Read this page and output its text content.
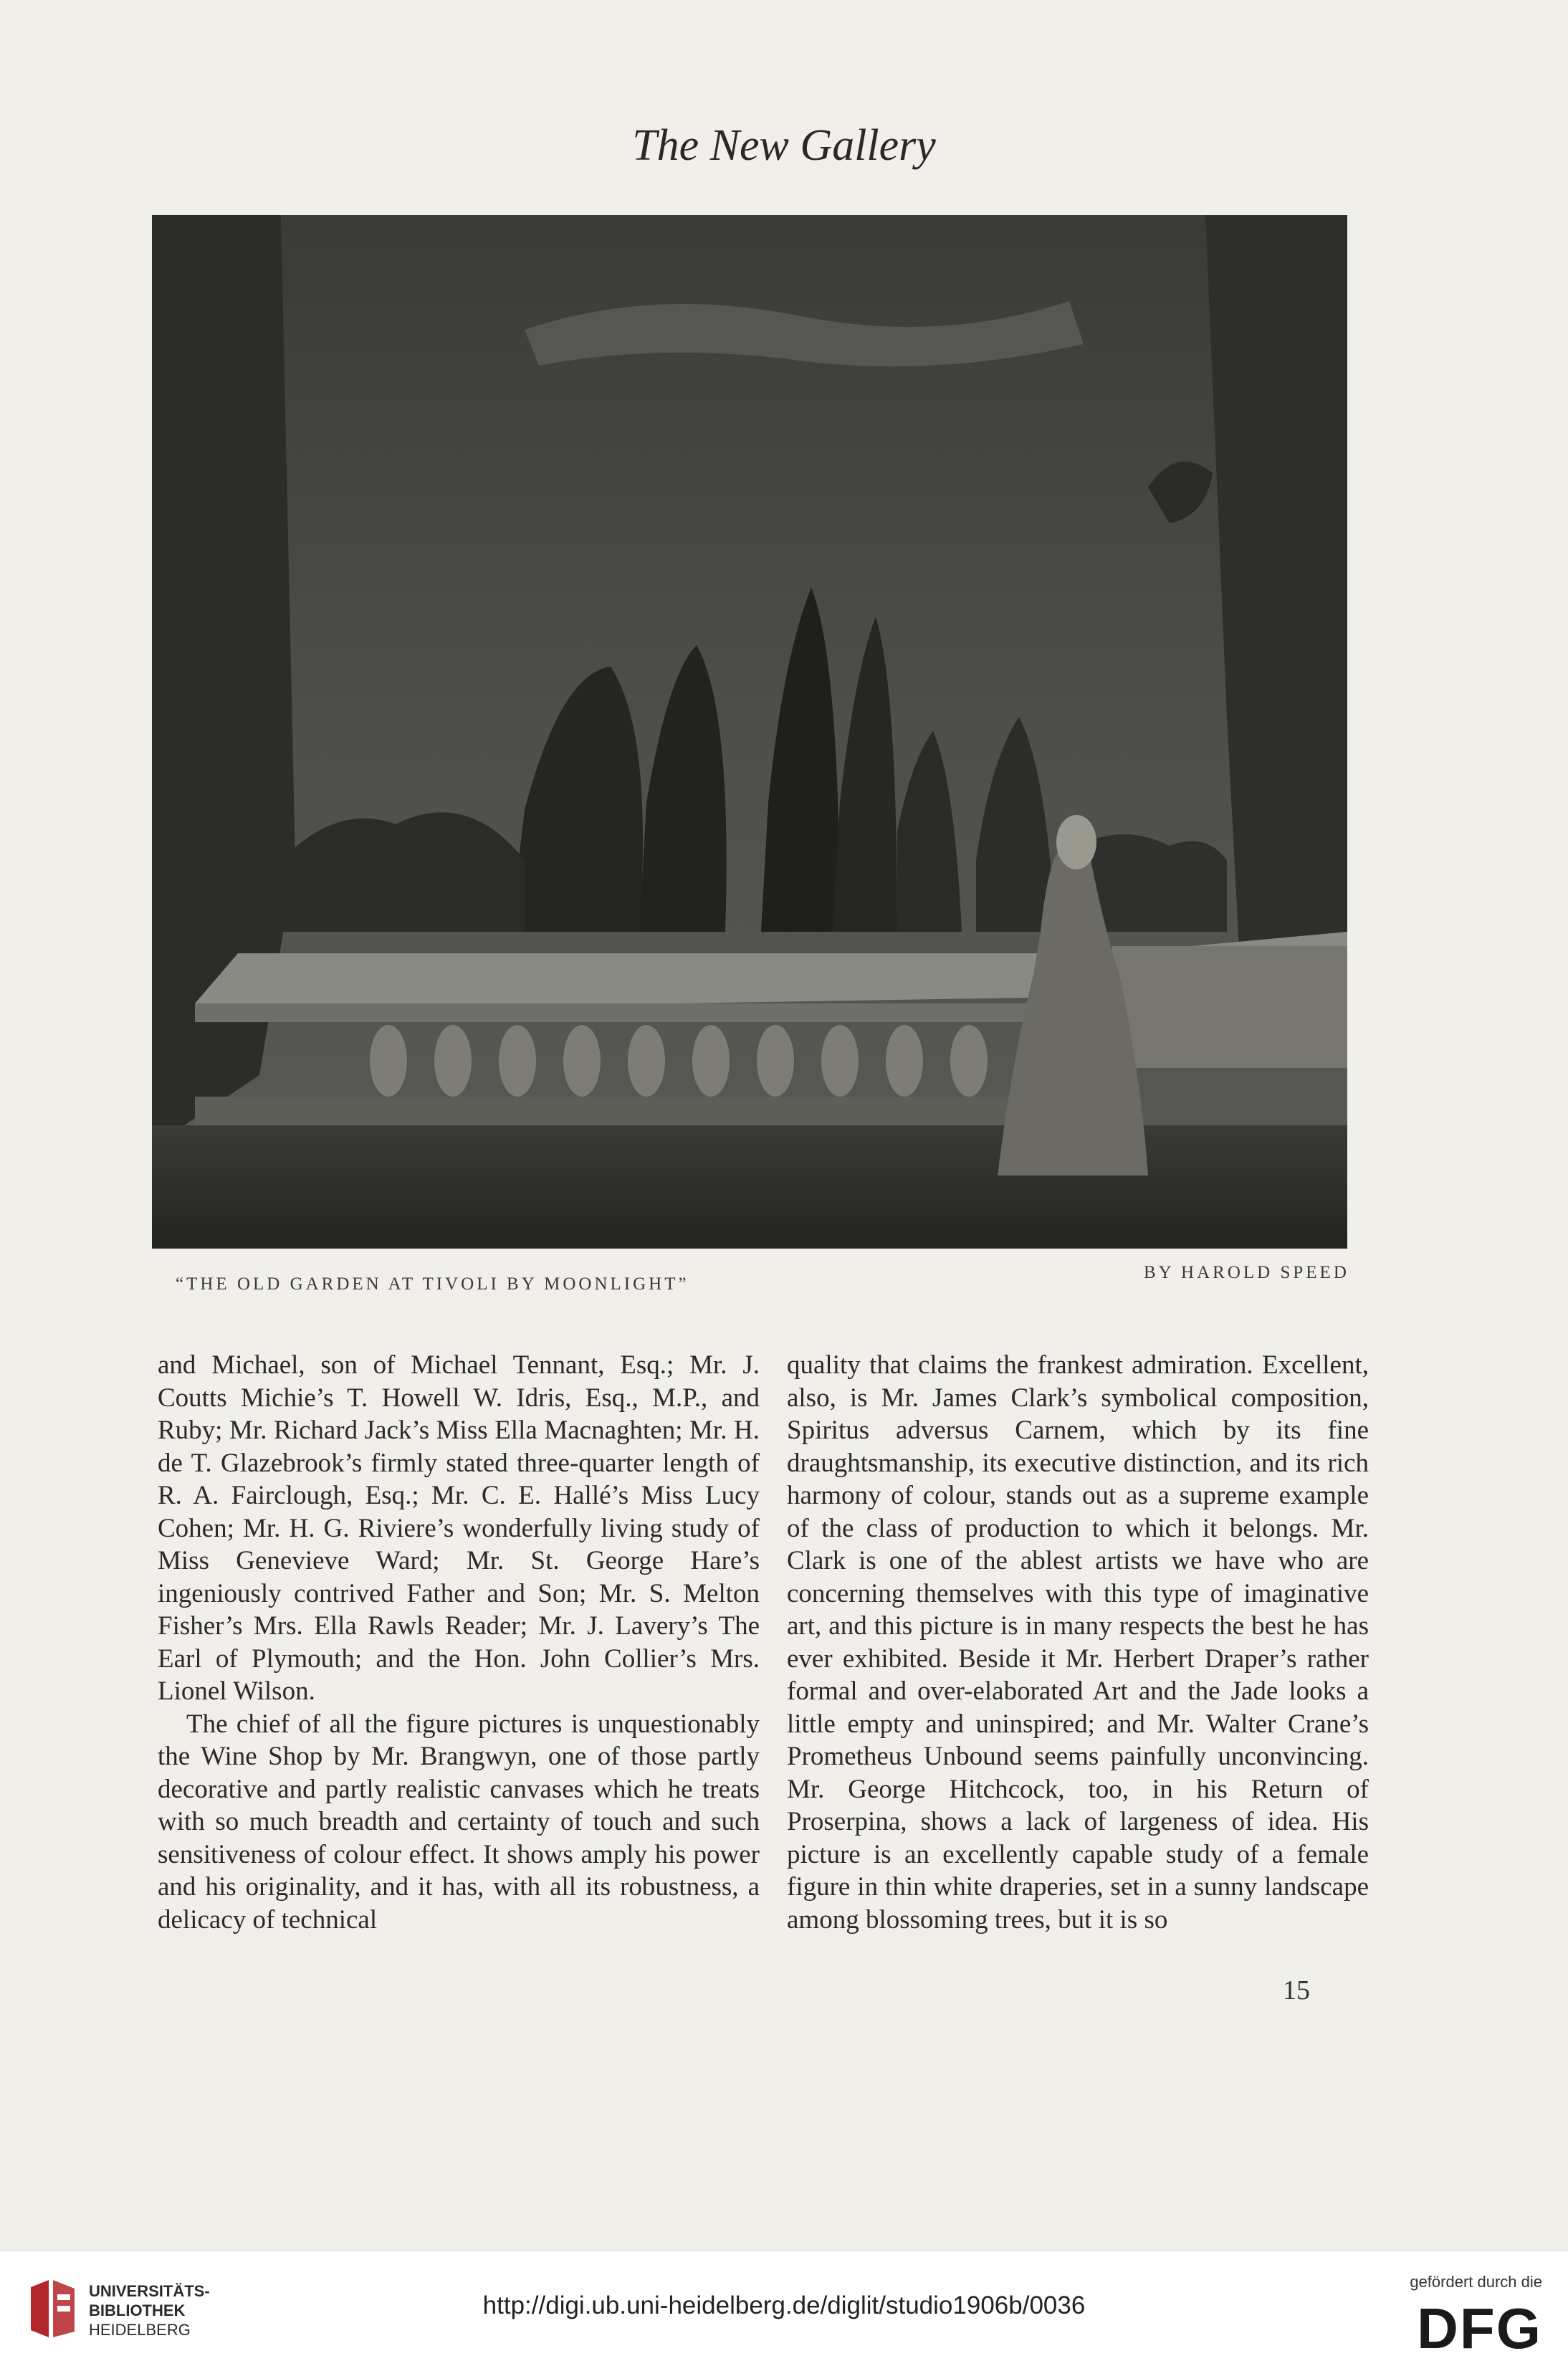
The New Gallery
“THE OLD GARDEN AT TIVOLI BY MOONLIGHT”
BY HAROLD SPEED

and Michael, son of Michael Tennant, Esq.; Mr. J. Coutts Michie’s T. Howell W. Idris, Esq., M.P., and Ruby; Mr. Richard Jack’s Miss Ella Macnaghten; Mr. H. de T. Glazebrook’s firmly stated three-quarter length of R. A. Fairclough, Esq.; Mr. C. E. Hallé’s Miss Lucy Cohen; Mr. H. G. Riviere’s wonderfully living study of Miss Genevieve Ward; Mr. St. George Hare’s ingeniously contrived Father and Son; Mr. S. Melton Fisher’s Mrs. Ella Rawls Reader; Mr. J. Lavery’s The Earl of Plymouth; and the Hon. John Collier’s Mrs. Lionel Wilson.

The chief of all the figure pictures is unquestionably the Wine Shop by Mr. Brangwyn, one of those partly decorative and partly realistic canvases which he treats with so much breadth and certainty of touch and such sensitiveness of colour effect. It shows amply his power and his originality, and it has, with all its robustness, a delicacy of technical

quality that claims the frankest admiration. Excellent, also, is Mr. James Clark’s symbolical composition, Spiritus adversus Carnem, which by its fine draughtsmanship, its executive distinction, and its rich harmony of colour, stands out as a supreme example of the class of production to which it belongs. Mr. Clark is one of the ablest artists we have who are concerning themselves with this type of imaginative art, and this picture is in many respects the best he has ever exhibited. Beside it Mr. Herbert Draper’s rather formal and over-elaborated Art and the Jade looks a little empty and uninspired; and Mr. Walter Crane’s Prometheus Unbound seems painfully unconvincing. Mr. George Hitchcock, too, in his Return of Proserpina, shows a lack of largeness of idea. His picture is an excellently capable study of a female figure in thin white draperies, set in a sunny landscape among blossoming trees, but it is so

15
UNIVERSITÄTS-
BIBLIOTHEK
HEIDELBERG
http://digi.ub.uni-heidelberg.de/diglit/studio1906b/0036
gefördert durch die
DFG
